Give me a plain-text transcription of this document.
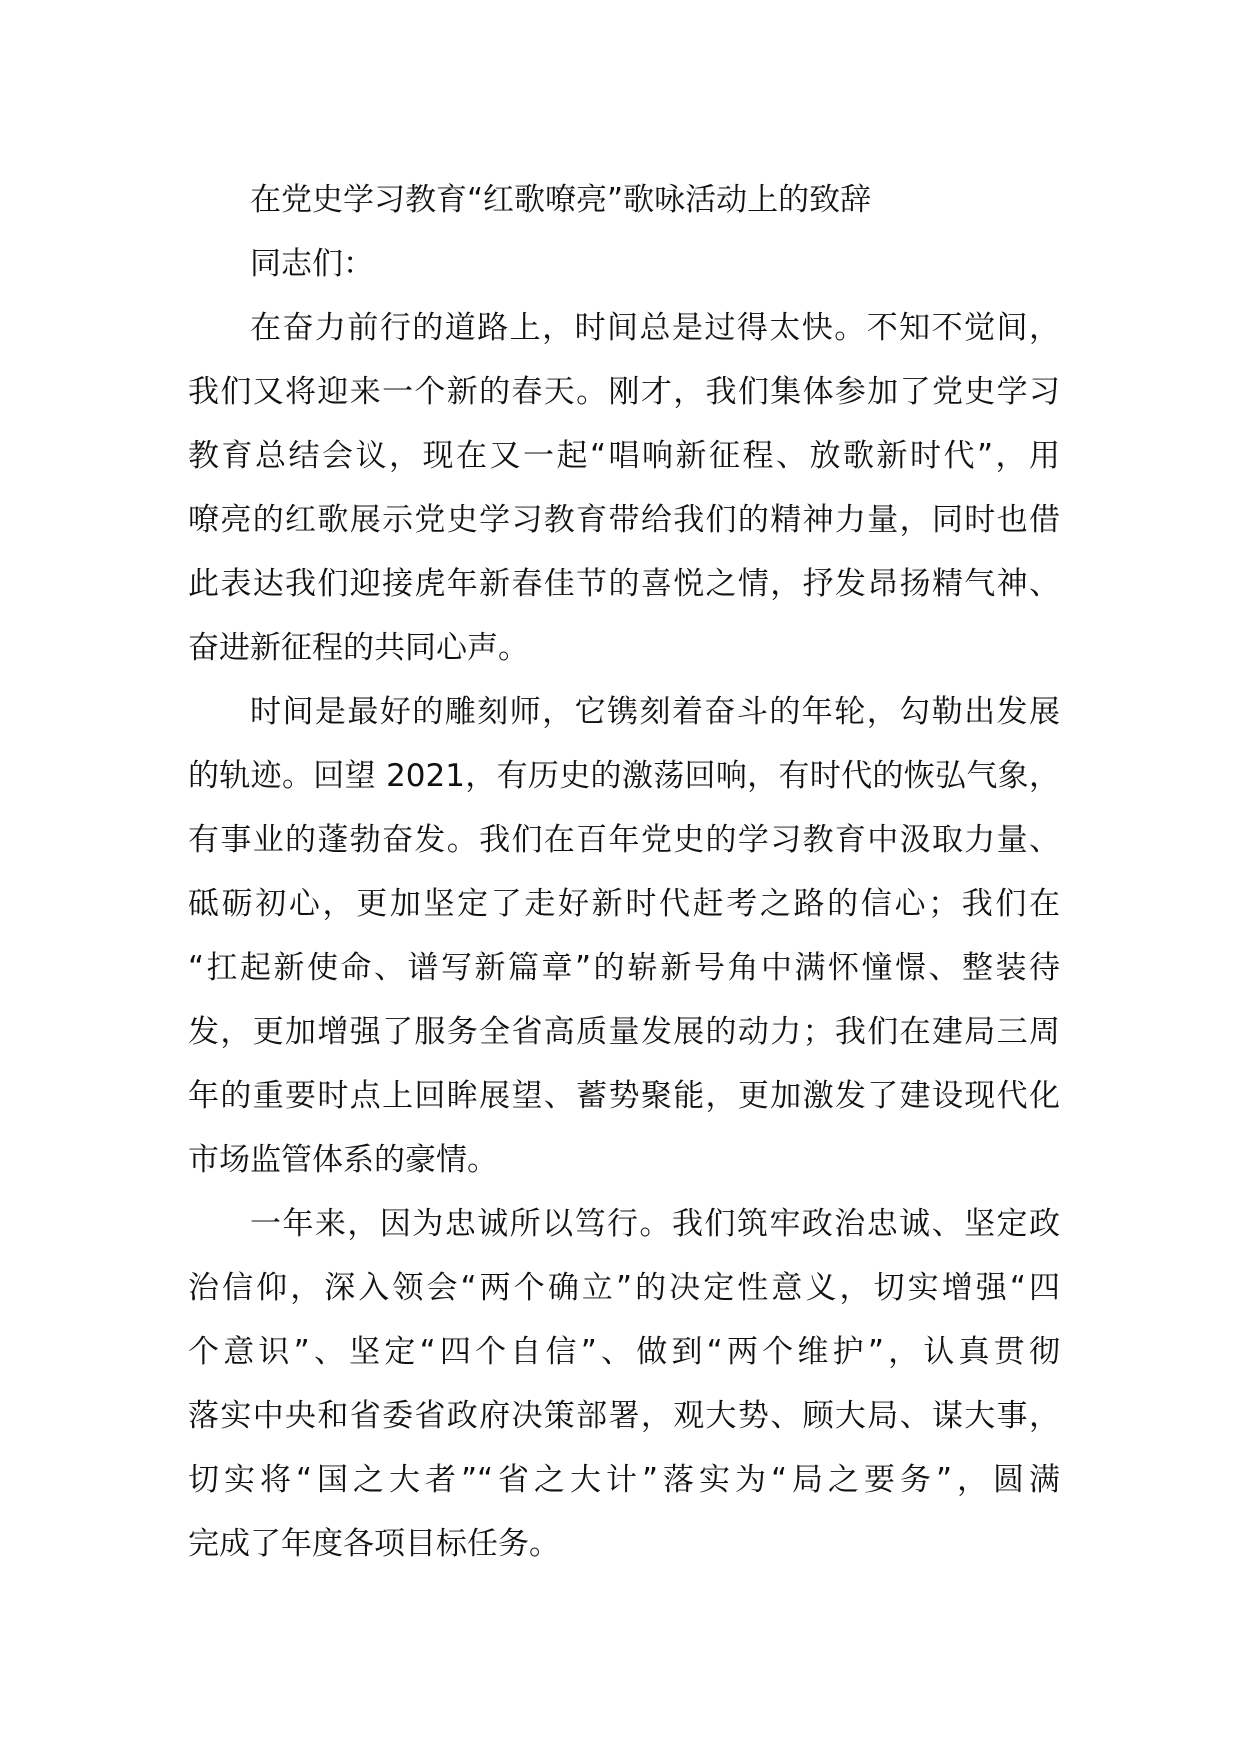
在党史学习教育“红歌嘹亮”歌咏活动上的致辞

同志们：

在奋力前行的道路上，时间总是过得太快。不知不觉间，
我们又将迎来一个新的春天。刚才，我们集体参加了党史学习
教育总结会议，现在又一起“唱响新征程、放歌新时代”，用
嘹亮的红歌展示党史学习教育带给我们的精神力量，同时也借
此表达我们迎接虎年新春佳节的喜悦之情，抒发昂扬精气神、
奋进新征程的共同心声。

时间是最好的雕刻师，它镌刻着奋斗的年轮，勾勒出发展
的轨迹。回望 2021，有历史的激荡回响，有时代的恢弘气象，
有事业的蓬勃奋发。我们在百年党史的学习教育中汲取力量、
砥砺初心，更加坚定了走好新时代赶考之路的信心；我们在
“扛起新使命、谱写新篇章”的崭新号角中满怀憧憬、整装待
发，更加增强了服务全省高质量发展的动力；我们在建局三周
年的重要时点上回眸展望、蓄势聚能，更加激发了建设现代化
市场监管体系的豪情。

一年来，因为忠诚所以笃行。我们筑牢政治忠诚、坚定政
治信仰，深入领会“两个确立”的决定性意义，切实增强“四
个意识”、坚定“四个自信”、做到“两个维护”，认真贯彻
落实中央和省委省政府决策部署，观大势、顾大局、谋大事，
切实将“国之大者”“省之大计”落实为“局之要务”，圆满
完成了年度各项目标任务。
